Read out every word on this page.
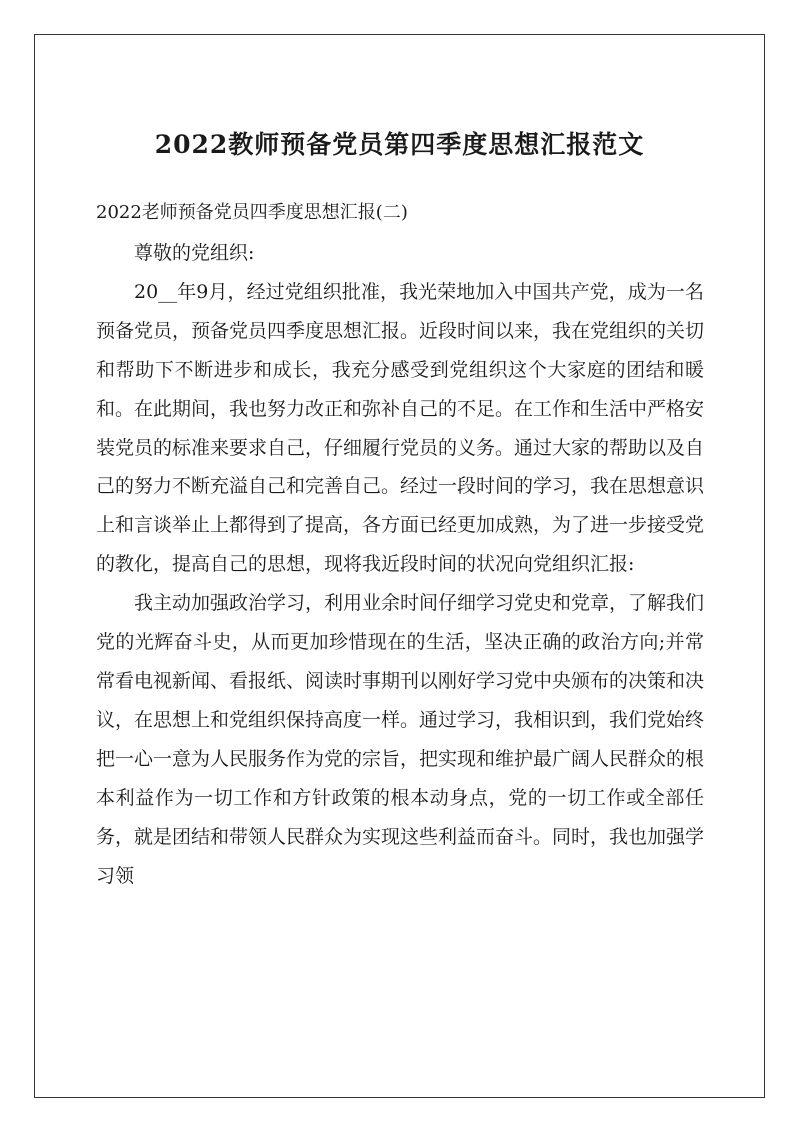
2022教师预备党员第四季度思想汇报范文
2022老师预备党员四季度思想汇报(二)

尊敬的党组织:

20__年9月，经过党组织批准，我光荣地加入中国共产党，成为一名预备党员，预备党员四季度思想汇报。近段时间以来，我在党组织的关切和帮助下不断进步和成长，我充分感受到党组织这个大家庭的团结和暖和。在此期间，我也努力改正和弥补自己的不足。在工作和生活中严格安装党员的标准来要求自己，仔细履行党员的义务。通过大家的帮助以及自己的努力不断充溢自己和完善自己。经过一段时间的学习，我在思想意识上和言谈举止上都得到了提高，各方面已经更加成熟，为了进一步接受党的教化，提高自己的思想，现将我近段时间的状况向党组织汇报:

我主动加强政治学习，利用业余时间仔细学习党史和党章，了解我们党的光辉奋斗史，从而更加珍惜现在的生活，坚决正确的政治方向;并常常看电视新闻、看报纸、阅读时事期刊以刚好学习党中央颁布的决策和决议，在思想上和党组织保持高度一样。通过学习，我相识到，我们党始终把一心一意为人民服务作为党的宗旨，把实现和维护最广阔人民群众的根本利益作为一切工作和方针政策的根本动身点，党的一切工作或全部任务，就是团结和带领人民群众为实现这些利益而奋斗。同时，我也加强学习领
